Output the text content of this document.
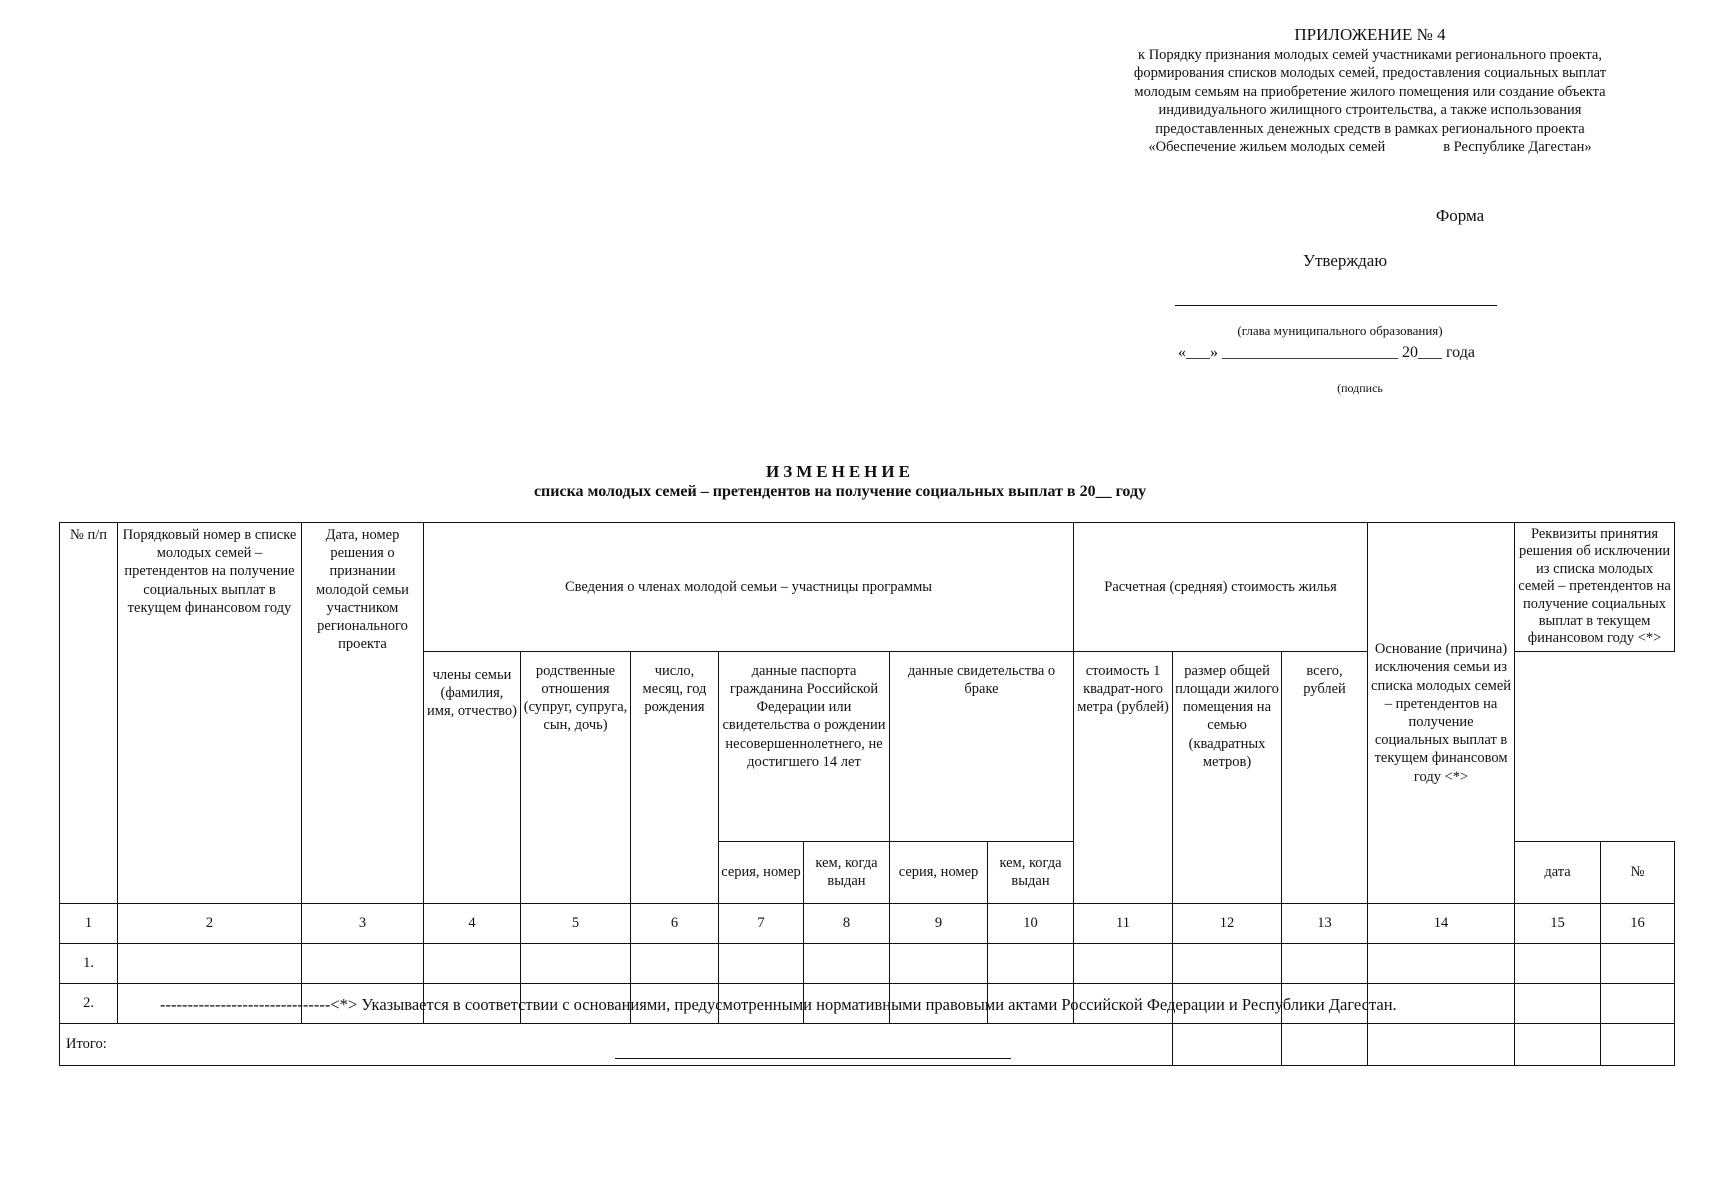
ПРИЛОЖЕНИЕ № 4
к Порядку признания молодых семей участниками регионального проекта,
формирования списков молодых семей, предоставления социальных выплат
молодым семьям на приобретение жилого помещения или создание объекта
индивидуального жилищного строительства, а также использования
предоставленных денежных средств в рамках регионального проекта
«Обеспечение жильем молодых семей                в Республике Дагестан»
Форма
Утверждаю
(глава муниципального образования)
«___» ______________________ 20___ года
(подпись
ИЗМЕНЕНИЕ
списка молодых семей – претендентов на получение социальных выплат в 20__ году
№ п/п	Порядковый номер в списке молодых семей – претендентов на получение социальных выплат в текущем финансовом году	Дата, номер решения о признании молодой семьи участником регионального проекта	Сведения о членах молодой семьи – участницы программы							Расчетная (средняя) стоимость жилья			Основание (причина) исключения семьи из списка молодых семей – претендентов на получение социальных выплат в текущем финансовом году <*>	Реквизиты принятия решения об исключении из списка молодых семей – претендентов на получение социальных выплат в текущем финансовом году <*>	
			члены семьи (фамилия, имя, отчество)	родственные отношения (супруг, супруга, сын, дочь)	число, месяц, год рождения	данные паспорта гражданина Российской Федерации или свидетельства о рождении несовершеннолетнего, не достигшего 14 лет		данные свидетельства о браке		стоимость 1 квадрат-ного метра (рублей)	размер общей площади жилого помещения на семью (квадратных метров)	всего, рублей			
						серия, номер	кем, когда выдан	серия, номер	кем, когда выдан					дата	№
1	2	3	4	5	6	7	8	9	10	11	12	13	14	15	16
1.															
2.															
Итого:															
-------------------------------<*> Указывается в соответствии с основаниями, предусмотренными нормативными правовыми актами Российской Федерации и Республики Дагестан.
